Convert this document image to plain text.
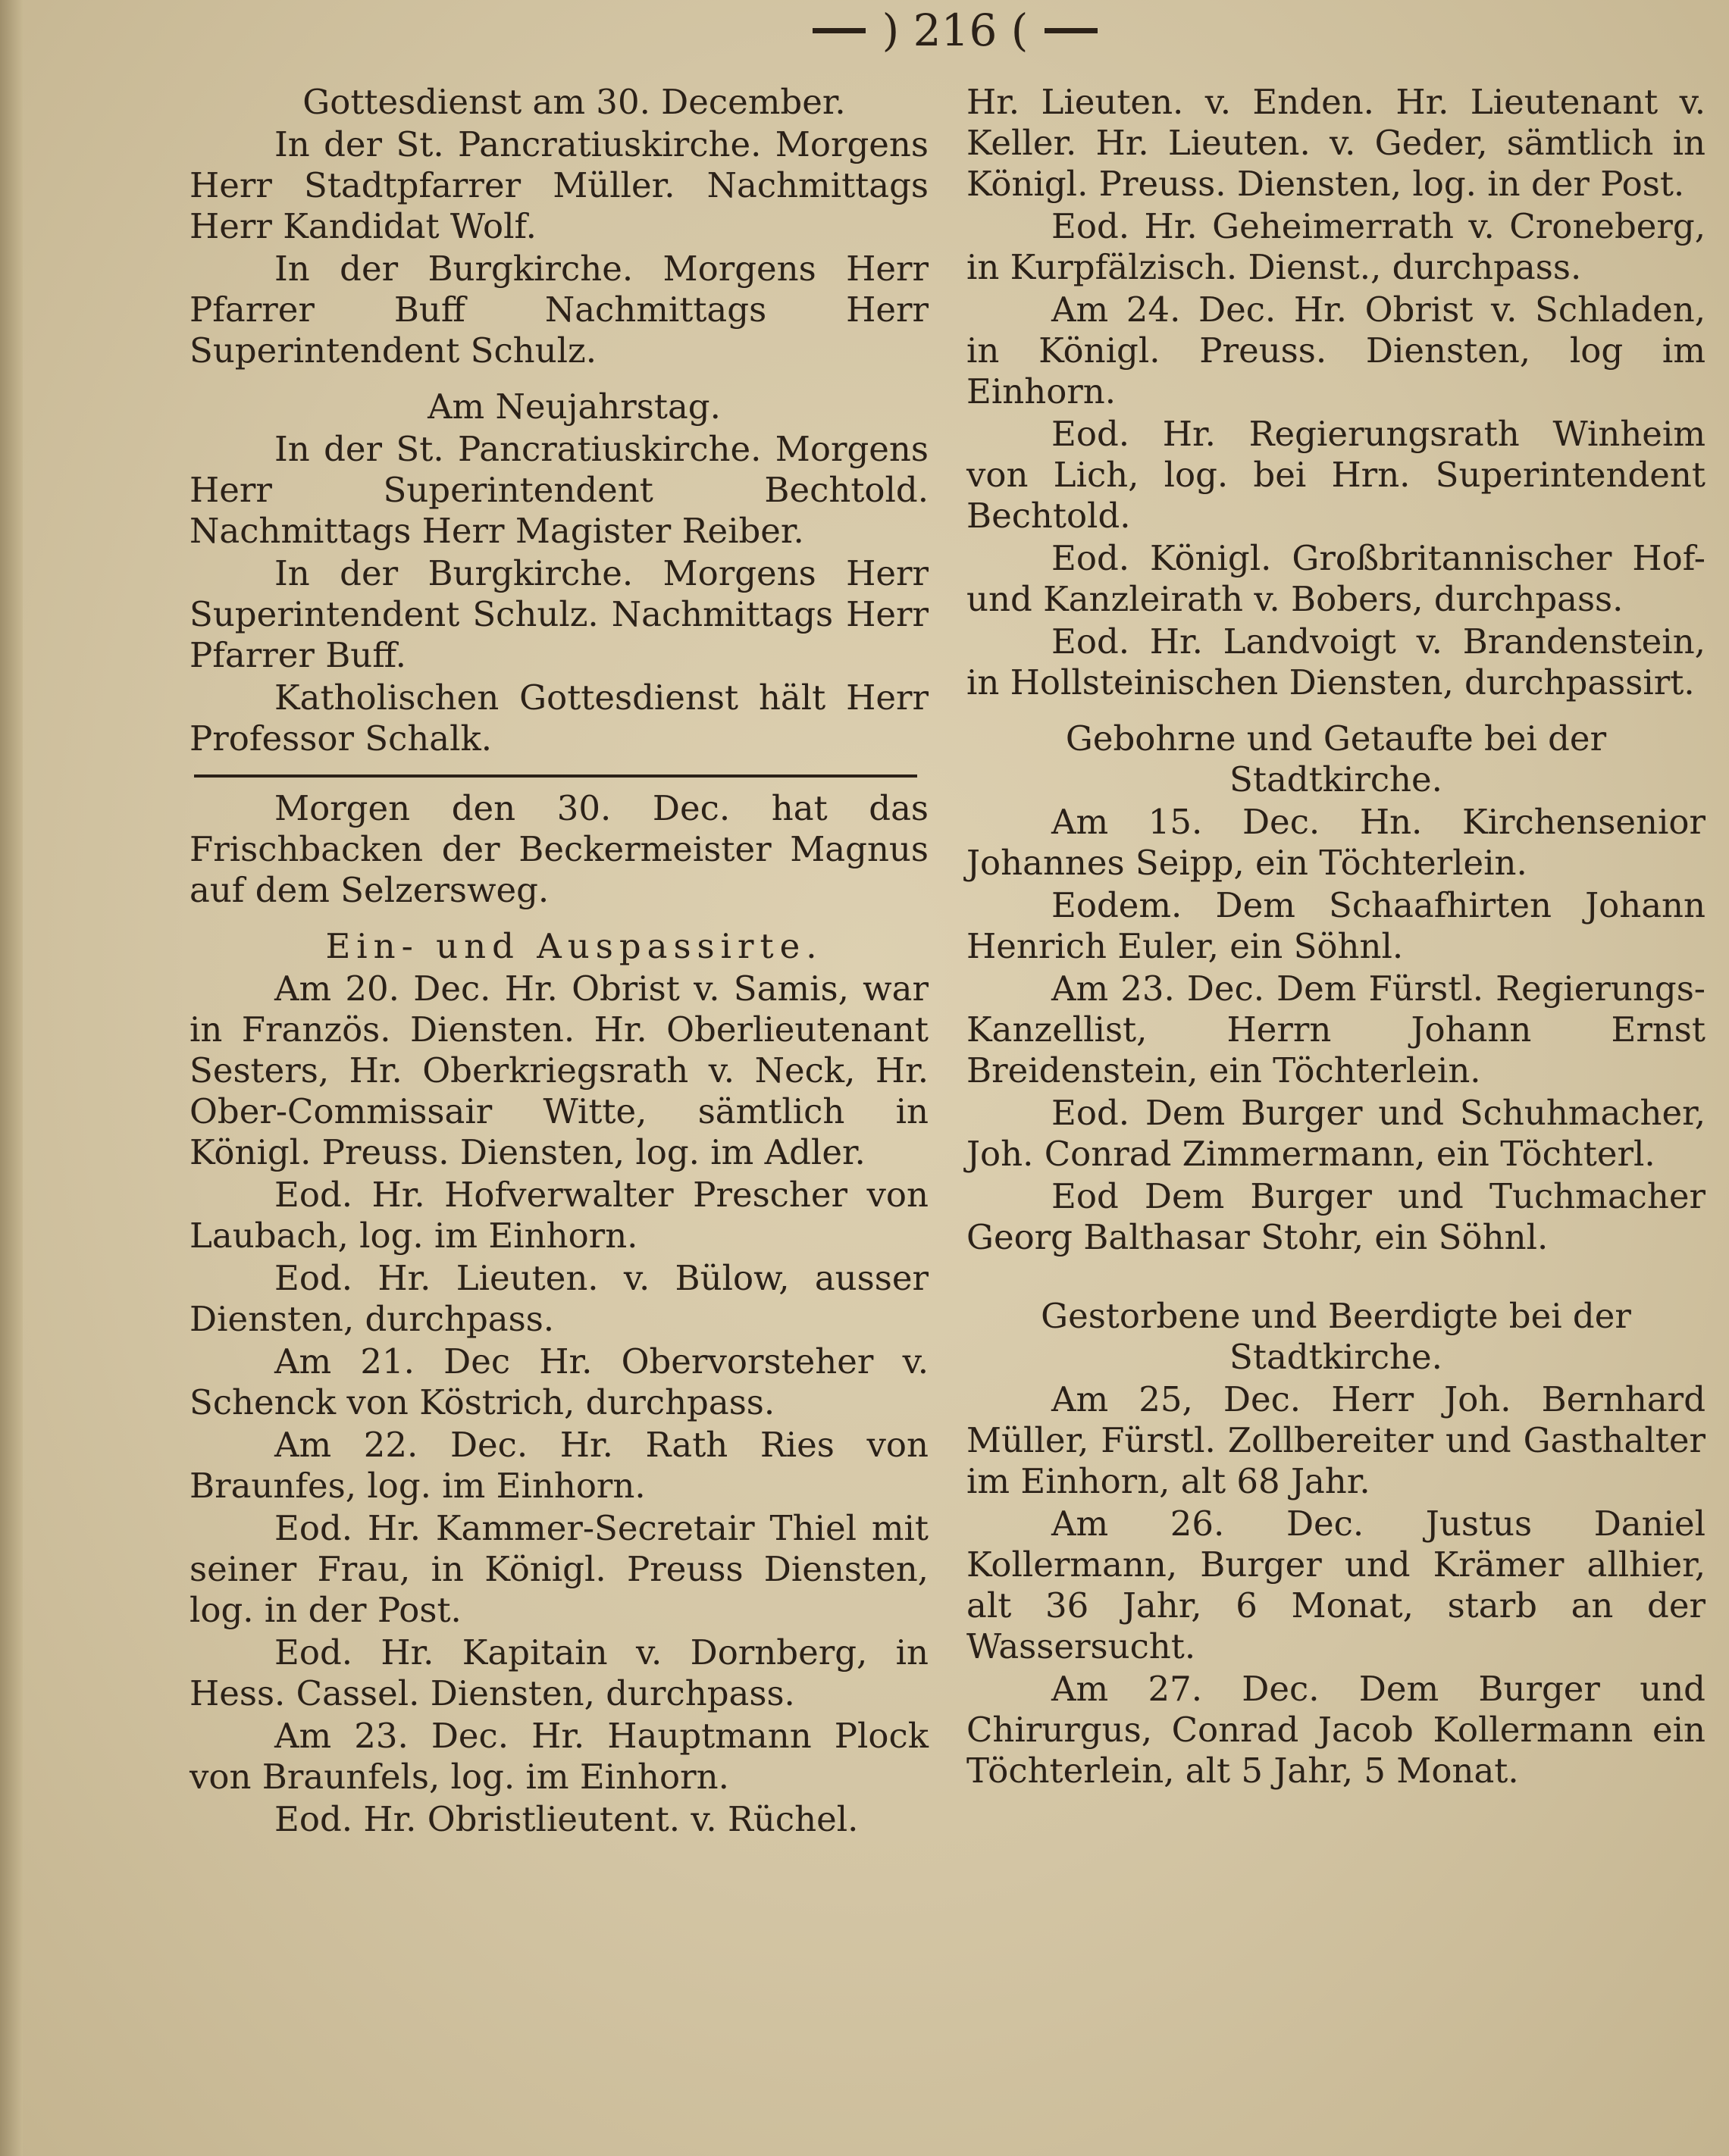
) 216 (

Gottesdienst am 30. December.

In der St. Pancratiuskirche. Morgens Herr Stadtpfarrer Müller. Nachmittags Herr Kandidat Wolf.

In der Burgkirche. Morgens Herr Pfarrer Buff Nachmittags Herr Superintendent Schulz.

Am Neujahrstag.

In der St. Pancratiuskirche. Morgens Herr Superintendent Bechtold. Nachmittags Herr Magister Reiber.

In der Burgkirche. Morgens Herr Superintendent Schulz. Nachmittags Herr Pfarrer Buff.

Katholischen Gottesdienst hält Herr Professor Schalk.

Morgen den 30. Dec. hat das Frischbacken der Beckermeister Magnus auf dem Selzersweg.

Ein- und Auspassirte.

Am 20. Dec. Hr. Obrist v. Samis, war in Französ. Diensten. Hr. Oberlieutenant Sesters, Hr. Oberkriegsrath v. Neck, Hr. Ober-Commissair Witte, sämtlich in Königl. Preuss. Diensten, log. im Adler.

Eod. Hr. Hofverwalter Prescher von Laubach, log. im Einhorn.

Eod. Hr. Lieuten. v. Bülow, ausser Diensten, durchpass.

Am 21. Dec Hr. Obervorsteher v. Schenck von Köstrich, durchpass.

Am 22. Dec. Hr. Rath Ries von Braunfes, log. im Einhorn.

Eod. Hr. Kammer-Secretair Thiel mit seiner Frau, in Königl. Preuss Diensten, log. in der Post.

Eod. Hr. Kapitain v. Dornberg, in Hess. Cassel. Diensten, durchpass.

Am 23. Dec. Hr. Hauptmann Plock von Braunfels, log. im Einhorn.

Eod. Hr. Obristlieutent. v. Rüchel.

Hr. Lieuten. v. Enden. Hr. Lieutenant v. Keller. Hr. Lieuten. v. Geder, sämtlich in Königl. Preuss. Diensten, log. in der Post.

Eod. Hr. Geheimerrath v. Croneberg, in Kurpfälzisch. Dienst., durchpass.

Am 24. Dec. Hr. Obrist v. Schladen, in Königl. Preuss. Diensten, log im Einhorn.

Eod. Hr. Regierungsrath Winheim von Lich, log. bei Hrn. Superintendent Bechtold.

Eod. Königl. Großbritannischer Hof- und Kanzleirath v. Bobers, durchpass.

Eod. Hr. Landvoigt v. Brandenstein, in Hollsteinischen Diensten, durchpassirt.

Gebohrne und Getaufte bei der Stadtkirche.

Am 15. Dec. Hn. Kirchensenior Johannes Seipp, ein Töchterlein.

Eodem. Dem Schaafhirten Johann Henrich Euler, ein Söhnl.

Am 23. Dec. Dem Fürstl. Regierungs-Kanzellist, Herrn Johann Ernst Breidenstein, ein Töchterlein.

Eod. Dem Burger und Schuhmacher, Joh. Conrad Zimmermann, ein Töchterl.

Eod Dem Burger und Tuchmacher Georg Balthasar Stohr, ein Söhnl.

Gestorbene und Beerdigte bei der Stadtkirche.

Am 25, Dec. Herr Joh. Bernhard Müller, Fürstl. Zollbereiter und Gasthalter im Einhorn, alt 68 Jahr.

Am 26. Dec. Justus Daniel Kollermann, Burger und Krämer allhier, alt 36 Jahr, 6 Monat, starb an der Wassersucht.

Am 27. Dec. Dem Burger und Chirurgus, Conrad Jacob Kollermann ein Töchterlein, alt 5 Jahr, 5 Monat.
